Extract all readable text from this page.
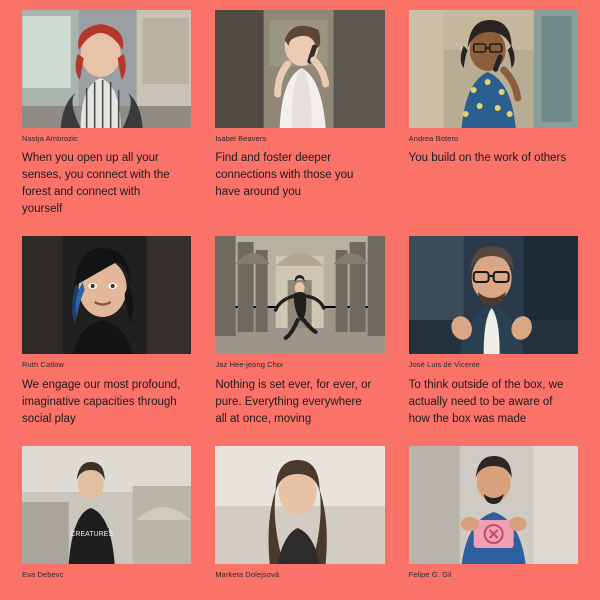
Nastja Ambrozic
When you open up all your senses, you connect with the forest and connect with yourself
Isabel Beavers
Find and foster deeper connections with those you have around you
Andrea Botero
You build on the work of others
Ruth Catlow
We engage our most profound, imaginative capacities through social play
Jaz Hee-jeong Choi
Nothing is set ever, for ever, or pure. Everything everywhere all at once, moving
José Luis de Vicente
To think outside of the box, we actually need to be aware of how the box was made
CREATURES
Eva Debevc	Marketa Dolejsová	Felipe G. Gil
